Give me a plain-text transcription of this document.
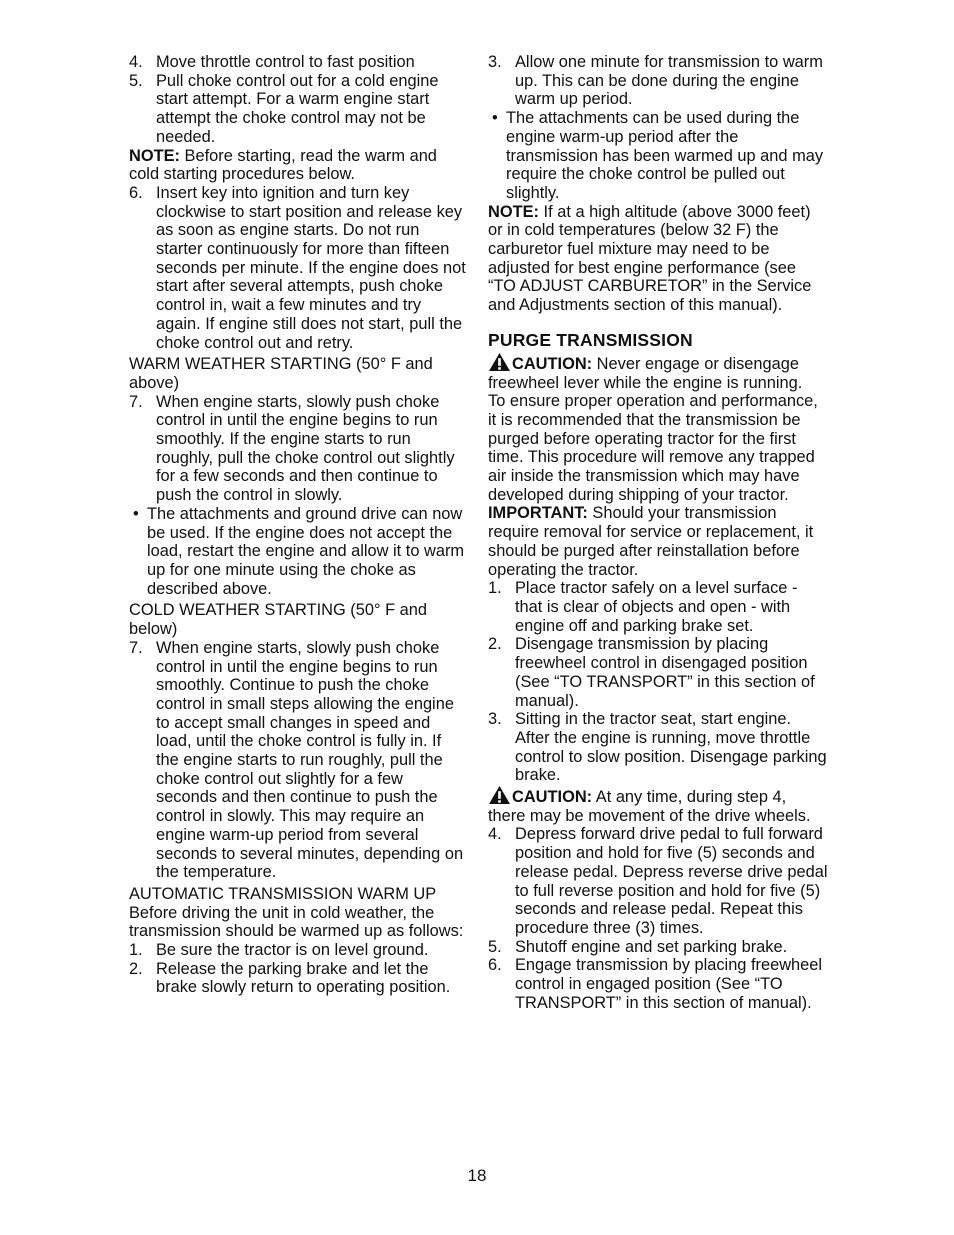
4. Move throttle control to fast position
5. Pull choke control out for a cold engine start attempt. For a warm engine start attempt the choke control may not be needed.

NOTE: Before starting, read the warm and cold starting procedures below.

6. Insert key into ignition and turn key clockwise to start position and release key as soon as engine starts. Do not run starter continuously for more than fifteen seconds per minute. If the engine does not start after several attempts, push choke control in, wait a few minutes and try again. If engine still does not start, pull the choke control out and retry.

WARM WEATHER STARTING (50° F and above)

7. When engine starts, slowly push choke control in until the engine begins to run smoothly. If the engine starts to run roughly, pull the choke control out slightly for a few seconds and then continue to push the control in slowly.
• The attachments and ground drive can now be used. If the engine does not accept the load, restart the engine and allow it to warm up for one minute using the choke as described above.

COLD WEATHER STARTING (50° F and below)

7. When engine starts, slowly push choke control in until the engine begins to run smoothly. Continue to push the choke control in small steps allowing the engine to accept small changes in speed and load, until the choke control is fully in. If the engine starts to run roughly, pull the choke control out slightly for a few seconds and then continue to push the control in slowly. This may require an engine warm-up period from several seconds to several minutes, depending on the temperature.

AUTOMATIC TRANSMISSION WARM UP

Before driving the unit in cold weather, the transmission should be warmed up as follows:

1. Be sure the tractor is on level ground.
2. Release the parking brake and let the brake slowly return to operating position.
3. Allow one minute for transmission to warm up. This can be done during the engine warm up period.
• The attachments can be used during the engine warm-up period after the transmission has been warmed up and may require the choke control be pulled out slightly.

NOTE: If at a high altitude (above 3000 feet) or in cold temperatures (below 32 F) the carburetor fuel mixture may need to be adjusted for best engine performance (see “TO ADJUST CARBURETOR” in the Service and Adjustments section of this manual).

PURGE TRANSMISSION

CAUTION: Never engage or disengage freewheel lever while the engine is running.

To ensure proper operation and performance, it is recommended that the transmission be purged before operating tractor for the first time. This procedure will remove any trapped air inside the transmission which may have developed during shipping of your tractor.

IMPORTANT: Should your transmission require removal for service or replacement, it should be purged after reinstallation before operating the tractor.

1. Place tractor safely on a level surface - that is clear of objects and open - with engine off and parking brake set.
2. Disengage transmission by placing freewheel control in disengaged position (See “TO TRANSPORT” in this section of manual).
3. Sitting in the tractor seat, start engine. After the engine is running, move throttle control to slow position. Disengage parking brake.

CAUTION: At any time, during step 4, there may be movement of the drive wheels.

4. Depress forward drive pedal to full forward position and hold for five (5) seconds and release pedal. Depress reverse drive pedal to full reverse position and hold for five (5) seconds and release pedal. Repeat this procedure three (3) times.
5. Shutoff engine and set parking brake.
6. Engage transmission by placing freewheel control in engaged position (See “TO TRANSPORT” in this section of manual).
18
